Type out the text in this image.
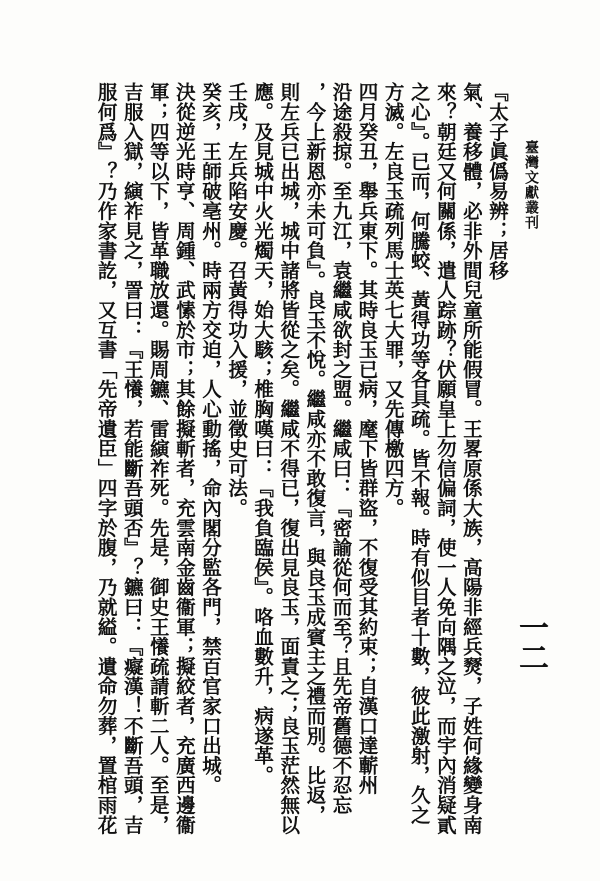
臺灣文獻叢刊
一二
『太子眞僞易辨；居移
氣、養移體，必非外間兒童所能假冒。王畧原係大族，高陽非經兵燹，子姓何緣變身南
來？朝廷又何關係，遣人踪跡？伏願皇上勿信偏詞，使一人免向隅之泣，而宇內消疑貳
之心』。已而，何騰蛟、黃得功等各具疏。皆不報。時有似目者十數，彼此激射，久之
方滅。左良玉疏列馬士英七大罪，又先傳檄四方。
四月癸丑，舉兵東下。其時良玉已病，麾下皆群盜，不復受其約束；自漢口達蘄州
沿途殺掠。至九江，袁繼咸欲封之盟。繼咸曰：『密諭從何而至？且先帝舊德不忍忘
，今上新恩亦未可負』。良玉不悅。繼咸亦不敢復言，與良玉成賓主之禮而別。比返，
則左兵已出城，城中諸將皆從之矣。繼咸不得已，復出見良玉，面責之；良玉茫然無以
應。及見城中火光燭天，始大駭；椎胸嘆曰：『我負臨侯』。咯血數升，病遂革。
壬戌，左兵陷安慶。召黃得功入援，並徵史可法。
癸亥，王師破亳州。時兩方交迫，人心動搖，命內閣分監各門，禁百官家口出城。
決從逆光時亨、周鍾、武愫於市；其餘擬斬者，充雲南金齒衞軍；擬絞者，充廣西邊衞
軍；四等以下，皆革職放還。賜周鑣、雷縯祚死。先是，御史王懩疏請斬二人。至是，
吉服入獄，縯祚見之，詈曰：『王懩，若能斷吾頭否』？鑣曰：『癡漢！不斷吾頭，吉
服何爲』？乃作家書訖，又互書「先帝遺臣」四字於腹，乃就縊。遺命勿葬，置棺雨花
